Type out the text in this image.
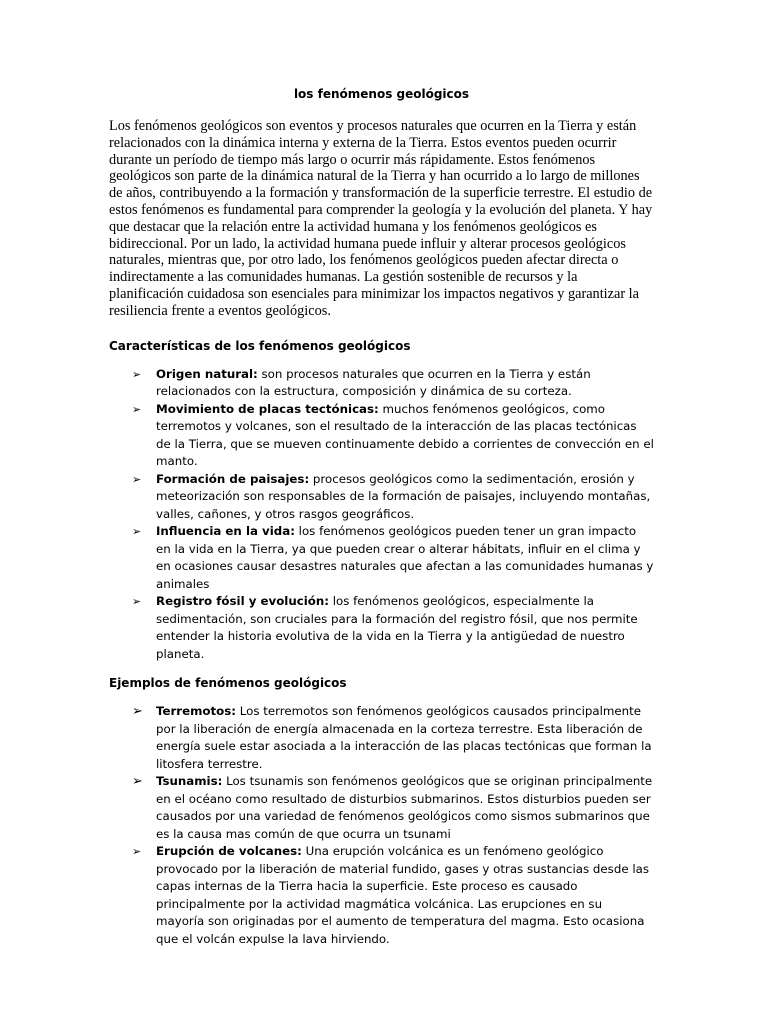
los fenómenos geológicos

Los fenómenos geológicos son eventos y procesos naturales que ocurren en la Tierra y están relacionados con la dinámica interna y externa de la Tierra. Estos eventos pueden ocurrir durante un período de tiempo más largo o ocurrir más rápidamente. Estos fenómenos geológicos son parte de la dinámica natural de la Tierra y han ocurrido a lo largo de millones de años, contribuyendo a la formación y transformación de la superficie terrestre. El estudio de estos fenómenos es fundamental para comprender la geología y la evolución del planeta. Y hay que destacar que la relación entre la actividad humana y los fenómenos geológicos es bidireccional. Por un lado, la actividad humana puede influir y alterar procesos geológicos naturales, mientras que, por otro lado, los fenómenos geológicos pueden afectar directa o indirectamente a las comunidades humanas. La gestión sostenible de recursos y la planificación cuidadosa son esenciales para minimizar los impactos negativos y garantizar la resiliencia frente a eventos geológicos.

Características de los fenómenos geológicos
➢ Origen natural: son procesos naturales que ocurren en la Tierra y están relacionados con la estructura, composición y dinámica de su corteza.
➢ Movimiento de placas tectónicas: muchos fenómenos geológicos, como terremotos y volcanes, son el resultado de la interacción de las placas tectónicas de la Tierra, que se mueven continuamente debido a corrientes de convección en el manto.
➢ Formación de paisajes: procesos geológicos como la sedimentación, erosión y meteorización son responsables de la formación de paisajes, incluyendo montañas, valles, cañones, y otros rasgos geográficos.
➢ Influencia en la vida: los fenómenos geológicos pueden tener un gran impacto en la vida en la Tierra, ya que pueden crear o alterar hábitats, influir en el clima y en ocasiones causar desastres naturales que afectan a las comunidades humanas y animales
➢ Registro fósil y evolución: los fenómenos geológicos, especialmente la sedimentación, son cruciales para la formación del registro fósil, que nos permite entender la historia evolutiva de la vida en la Tierra y la antigüedad de nuestro planeta.
Ejemplos de fenómenos geológicos
➢ Terremotos: Los terremotos son fenómenos geológicos causados principalmente por la liberación de energía almacenada en la corteza terrestre. Esta liberación de energía suele estar asociada a la interacción de las placas tectónicas que forman la litosfera terrestre.
➢ Tsunamis: Los tsunamis son fenómenos geológicos que se originan principalmente en el océano como resultado de disturbios submarinos. Estos disturbios pueden ser causados por una variedad de fenómenos geológicos como sismos submarinos que es la causa mas común de que ocurra un tsunami
➢ Erupción de volcanes: Una erupción volcánica es un fenómeno geológico provocado por la liberación de material fundido, gases y otras sustancias desde las capas internas de la Tierra hacia la superficie. Este proceso es causado principalmente por la actividad magmática volcánica. Las erupciones en su mayoría son originadas por el aumento de temperatura del magma. Esto ocasiona que el volcán expulse la lava hirviendo.
